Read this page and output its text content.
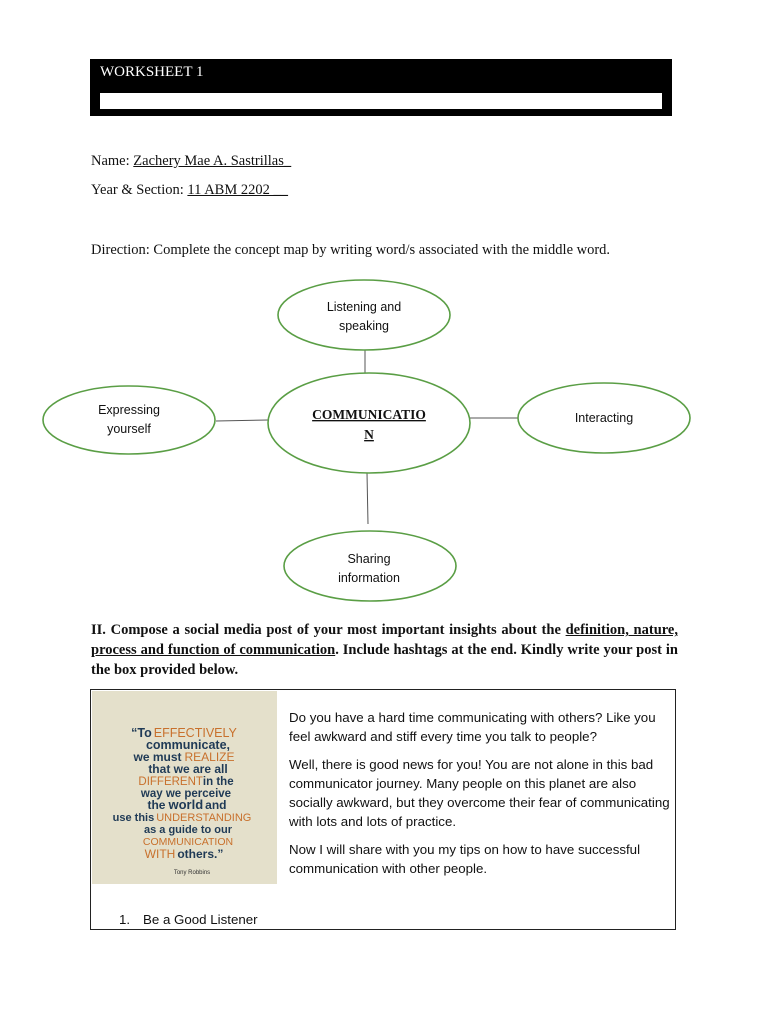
WORKSHEET 1
Name: Zachery Mae A. Sastrillas_
Year & Section: 11 ABM 2202 __
Direction: Complete the concept map by writing word/s associated with the middle word.
Listening and
speaking
Expressing
yourself
Interacting
Sharing
information
COMMUNICATIO
N
II. Compose a social media post of your most important insights about the definition, nature, process and function of communication. Include hashtags at the end. Kindly write your post in the box provided below.
“To EFFECTIVELY
communicate,
we must REALIZE
that we are all
DIFFERENTin the
way we perceive
the world and
use this UNDERSTANDING
as a guide to our
COMMUNICATION
WITH others.”
Tony Robbins

Do you have a hard time communicating with others? Like you feel awkward and stiff every time you talk to people?

Well, there is good news for you! You are not alone in this bad communicator journey. Many people on this planet are also socially awkward, but they overcome their fear of communicating with lots and lots of practice.

Now I will share with you my tips on how to have successful communication with other people.

1. Be a Good Listener
